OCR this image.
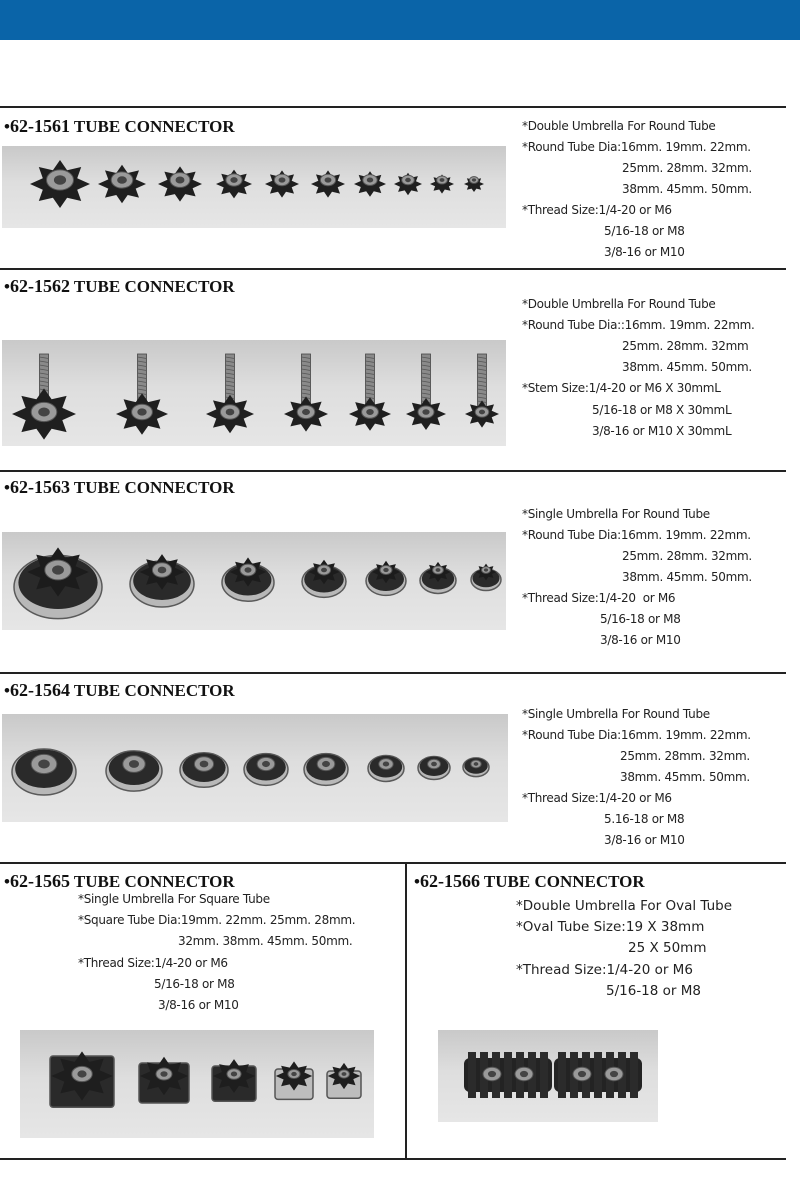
•62-1561 TUBE CONNECTOR	*Double Umbrella For Round Tube
*Round Tube Dia:16mm. 19mm. 22mm.
25mm. 28mm. 32mm.
38mm. 45mm. 50mm.
*Thread Size:1/4-20 or M6
5/16-18 or M8
3/8-16 or M10
•62-1562 TUBE CONNECTOR
*Double Umbrella For Round Tube
*Round Tube Dia::16mm. 19mm. 22mm.
25mm. 28mm. 32mm
38mm. 45mm. 50mm.
*Stem Size:1/4-20 or M6 X 30mmL
5/16-18 or M8 X 30mmL
3/8-16 or M10 X 30mmL
•62-1563 TUBE CONNECTOR
*Single Umbrella For Round Tube
*Round Tube Dia:16mm. 19mm. 22mm.
25mm. 28mm. 32mm.
38mm. 45mm. 50mm.
*Thread Size:1/4-20  or M6
5/16-18 or M8
3/8-16 or M10
•62-1564 TUBE CONNECTOR
*Single Umbrella For Round Tube
*Round Tube Dia:16mm. 19mm. 22mm.
25mm. 28mm. 32mm.
38mm. 45mm. 50mm.
*Thread Size:1/4-20 or M6
5.16-18 or M8
3/8-16 or M10
•62-1565 TUBE CONNECTOR
*Single Umbrella For Square Tube
*Square Tube Dia:19mm. 22mm. 25mm. 28mm.
32mm. 38mm. 45mm. 50mm.
*Thread Size:1/4-20 or M6
5/16-18 or M8
3/8-16 or M10
•62-1566 TUBE CONNECTOR
*Double Umbrella For Oval Tube
*Oval Tube Size:19 X 38mm
25 X 50mm
*Thread Size:1/4-20 or M6
5/16-18 or M8
